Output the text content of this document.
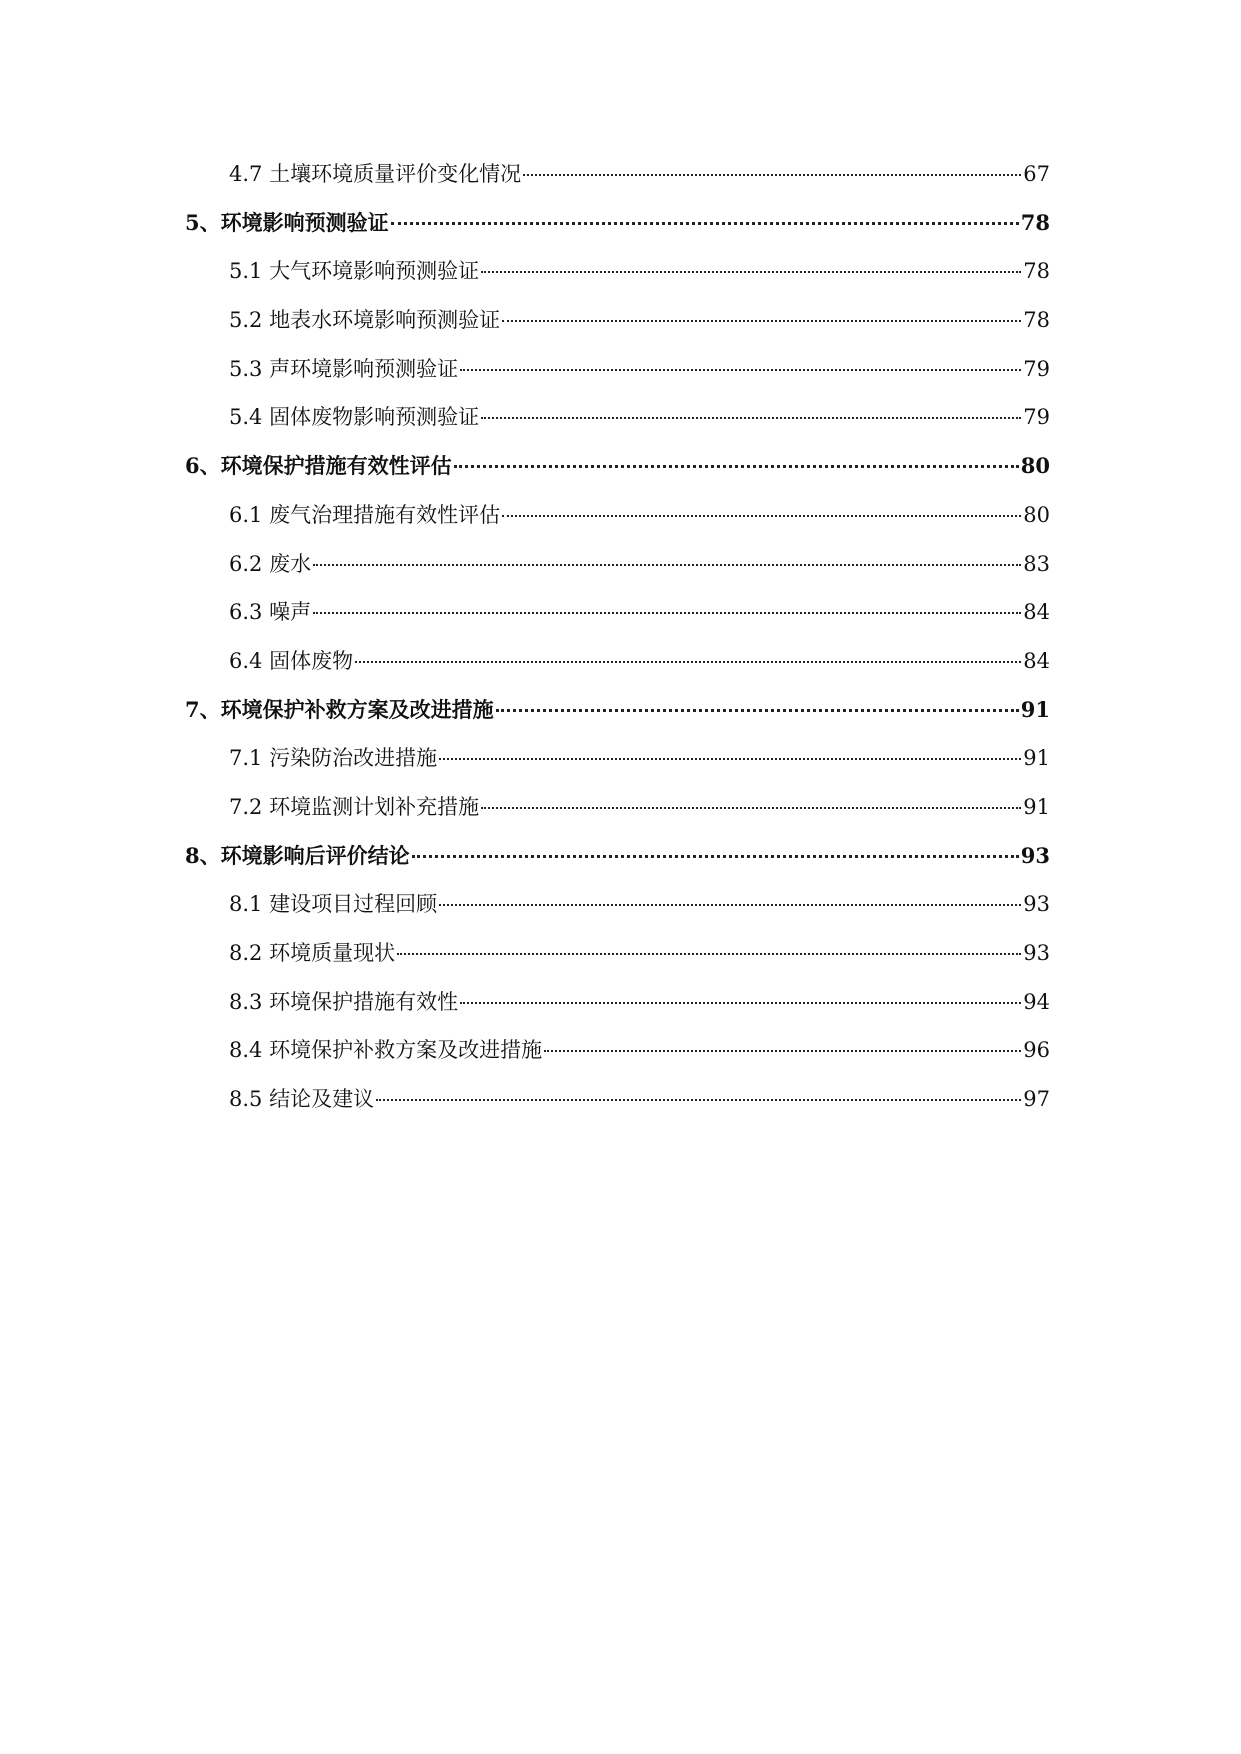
4.7 土壤环境质量评价变化情况	67
5、环境影响预测验证	78
5.1 大气环境影响预测验证	78
5.2 地表水环境影响预测验证	78
5.3 声环境影响预测验证	79
5.4 固体废物影响预测验证	79
6、环境保护措施有效性评估	80
6.1 废气治理措施有效性评估	80
6.2 废水	83
6.3 噪声	84
6.4 固体废物	84
7、环境保护补救方案及改进措施	91
7.1 污染防治改进措施	91
7.2 环境监测计划补充措施	91
8、环境影响后评价结论	93
8.1 建设项目过程回顾	93
8.2 环境质量现状	93
8.3 环境保护措施有效性	94
8.4 环境保护补救方案及改进措施	96
8.5 结论及建议	97
